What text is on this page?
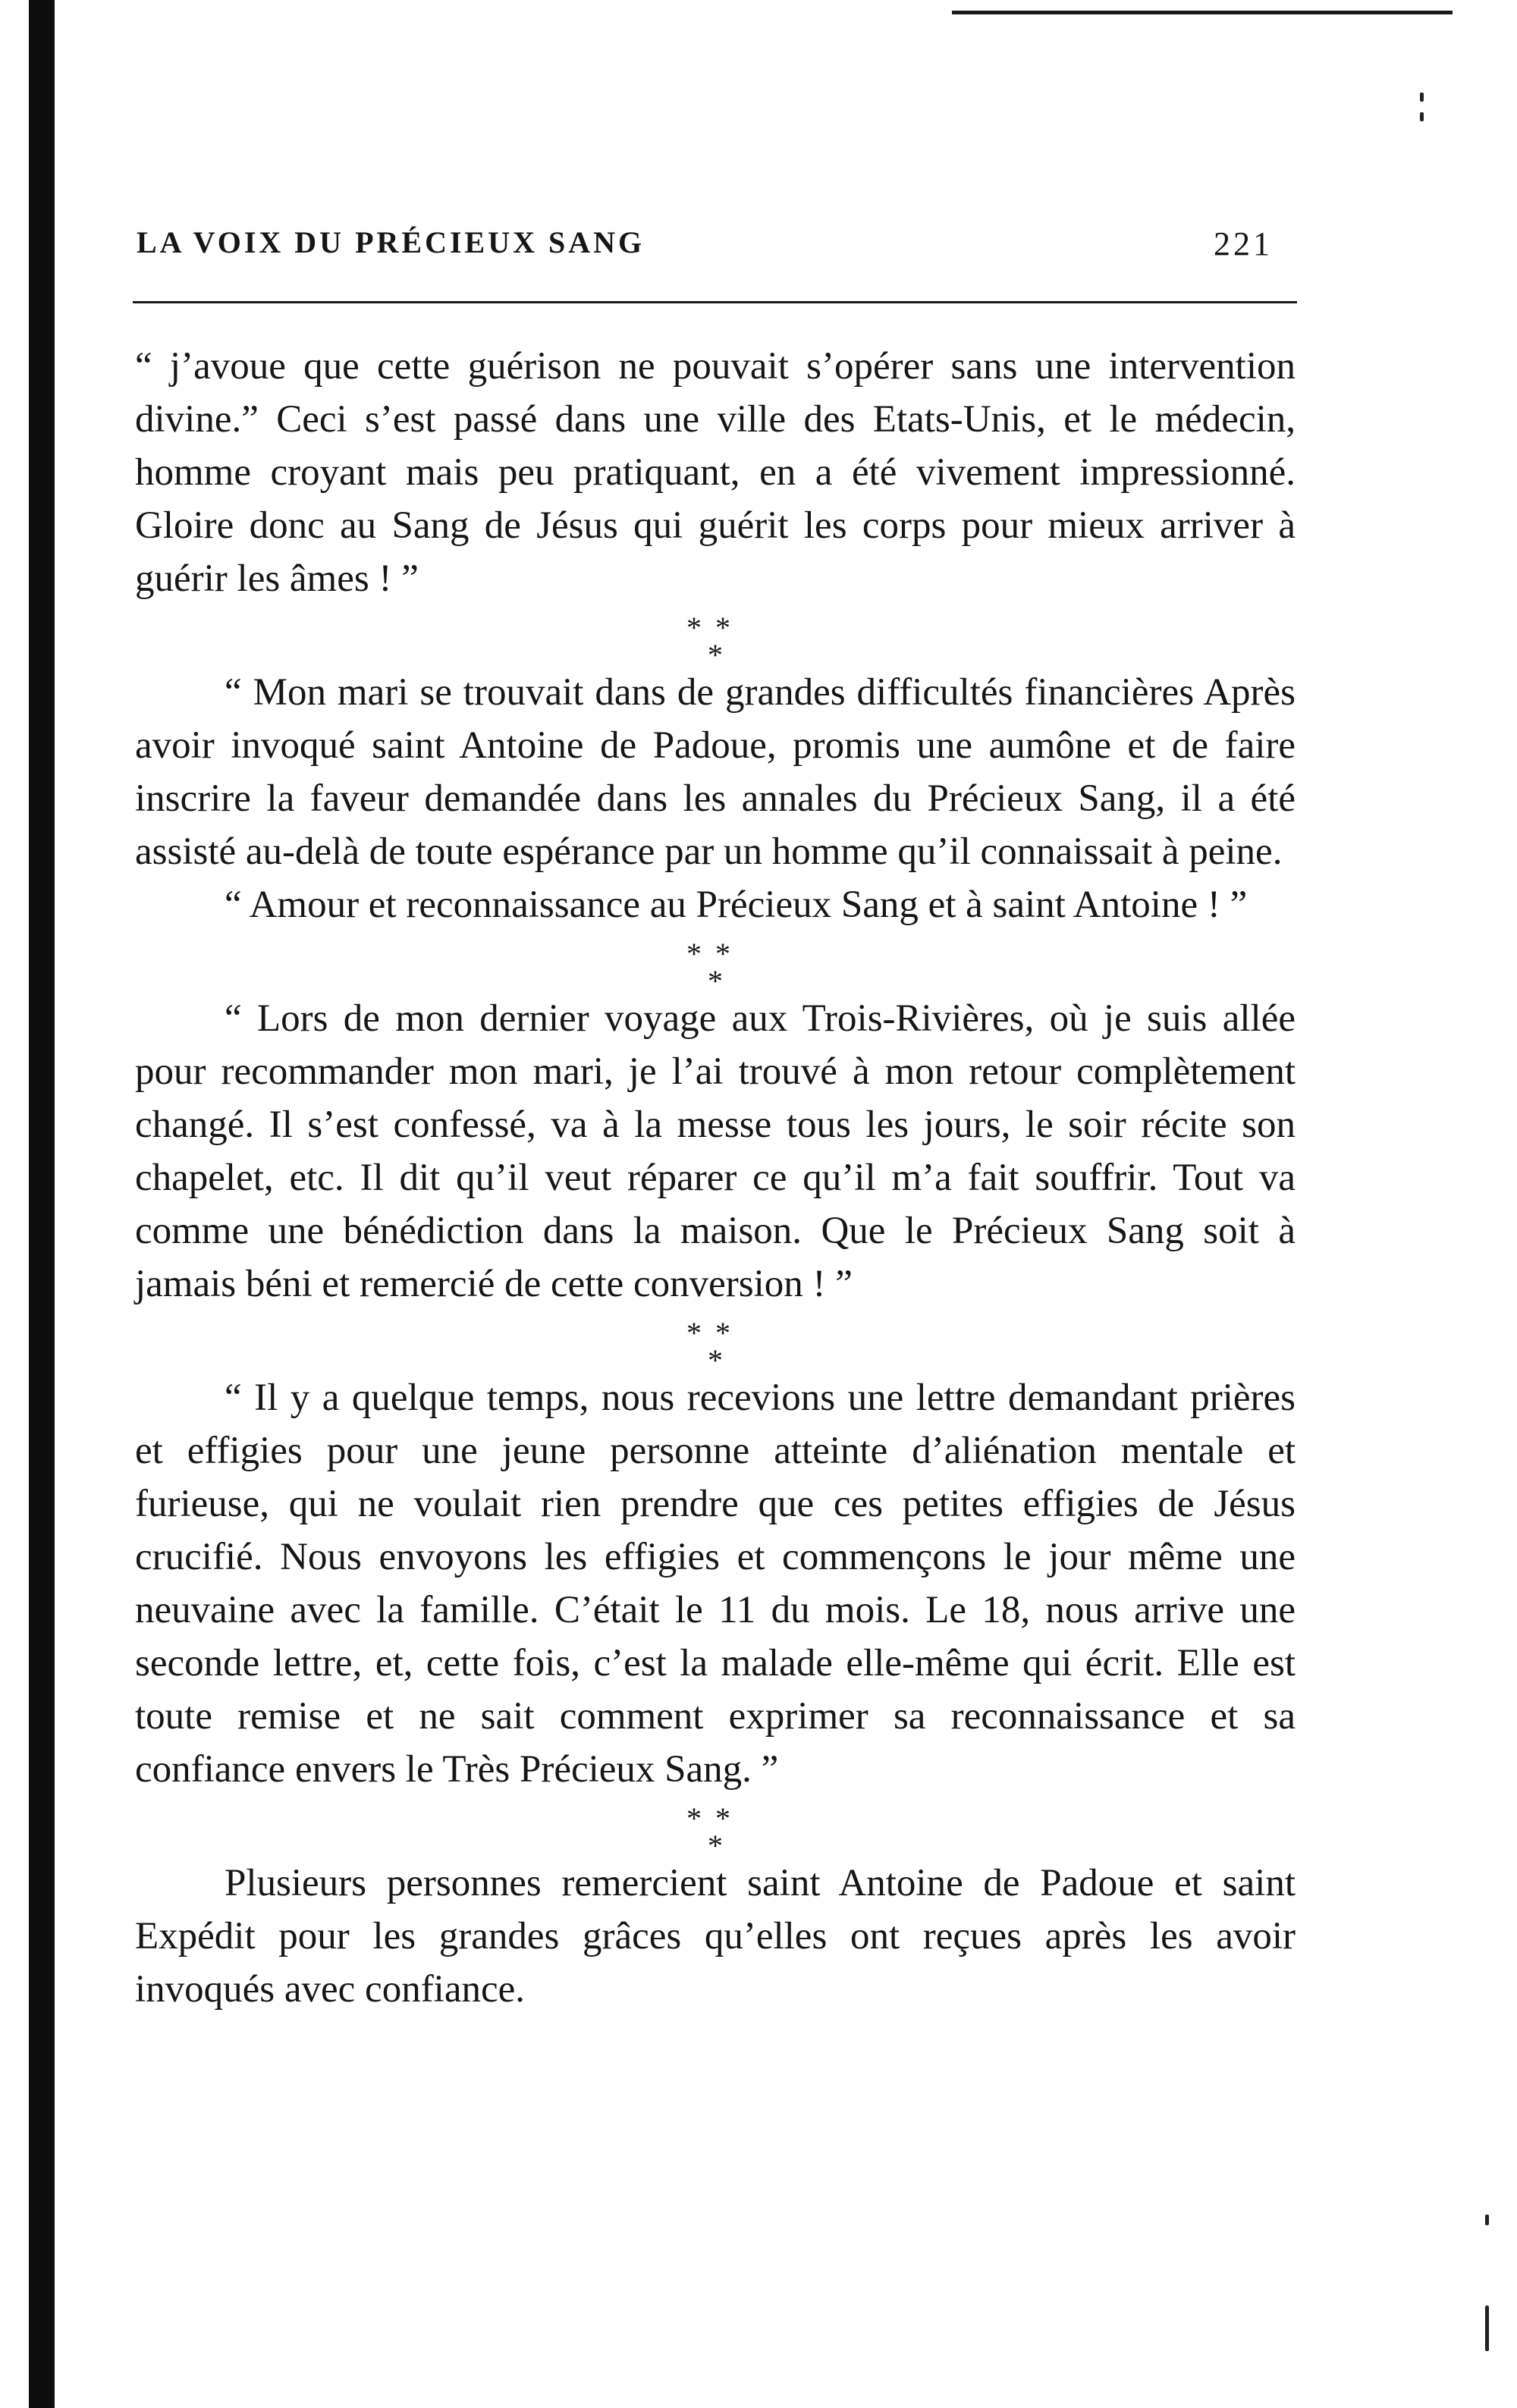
LA VOIX DU PRÉCIEUX SANG	221

“ j’avoue que cette guérison ne pouvait s’opérer sans une intervention divine.” Ceci s’est passé dans une ville des Etats-Unis, et le médecin, homme croyant mais peu pratiquant, en a été vivement impressionné. Gloire donc au Sang de Jésus qui guérit les corps pour mieux arriver à guérir les âmes ! ”

**
*

“ Mon mari se trouvait dans de grandes difficultés financières Après avoir invoqué saint Antoine de Padoue, promis une aumône et de faire inscrire la faveur demandée dans les annales du Précieux Sang, il a été assisté au-delà de toute espérance par un homme qu’il connaissait à peine.

“ Amour et reconnaissance au Précieux Sang et à saint Antoine ! ”

**
*

“ Lors de mon dernier voyage aux Trois-Rivières, où je suis allée pour recommander mon mari, je l’ai trouvé à mon retour complètement changé. Il s’est confessé, va à la messe tous les jours, le soir récite son chapelet, etc. Il dit qu’il veut réparer ce qu’il m’a fait souffrir. Tout va comme une bénédiction dans la maison. Que le Précieux Sang soit à jamais béni et remercié de cette conversion ! ”

**
*

“ Il y a quelque temps, nous recevions une lettre demandant prières et effigies pour une jeune personne atteinte d’aliénation mentale et furieuse, qui ne voulait rien prendre que ces petites effigies de Jésus crucifié. Nous envoyons les effigies et commençons le jour même une neuvaine avec la famille. C’était le 11 du mois. Le 18, nous arrive une seconde lettre, et, cette fois, c’est la malade elle-même qui écrit. Elle est toute remise et ne sait comment exprimer sa reconnaissance et sa confiance envers le Très Précieux Sang. ”

**
*

Plusieurs personnes remercient saint Antoine de Padoue et saint Expédit pour les grandes grâces qu’elles ont reçues après les avoir invoqués avec confiance.
